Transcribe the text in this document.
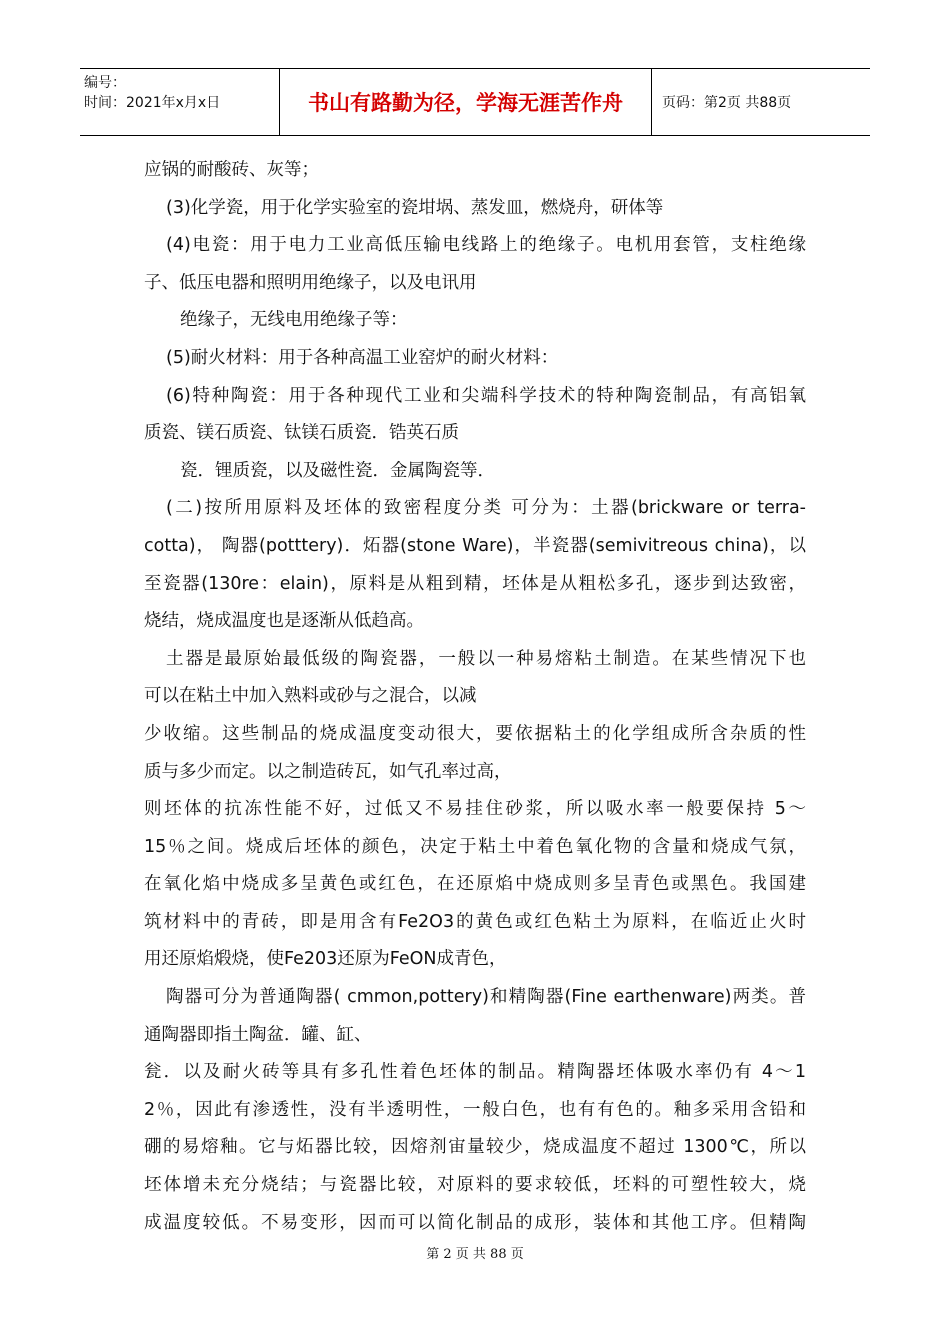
编号：
时间：2021年x月x日	书山有路勤为径，学海无涯苦作舟	页码：第2页 共88页
应锅的耐酸砖、灰等；
(3)化学瓷，用于化学实验室的瓷坩埚、蒸发皿，燃烧舟，研体等
(4)电瓷：用于电力工业高低压输电线路上的绝缘子。电机用套管，支柱绝缘
子、低压电器和照明用绝缘子，以及电讯用
绝缘子，无线电用绝缘子等：
(5)耐火材料：用于各种高温工业窑炉的耐火材料：
(6)特种陶瓷：用于各种现代工业和尖端科学技术的特种陶瓷制品，有高铝氧
质瓷、镁石质瓷、钛镁石质瓷．锆英石质
瓷．锂质瓷，以及磁性瓷．金属陶瓷等．
(二)按所用原料及坯体的致密程度分类 可分为：土器(brickware or terra-
cotta)， 陶器(potttery)．炻器(stone Ware)，半瓷器(semivitreous china)，以
至瓷器(130re：elain)，原料是从粗到精，坯体是从粗松多孔，逐步到达致密，
烧结，烧成温度也是逐渐从低趋高。
土器是最原始最低级的陶瓷器，一般以一种易熔粘土制造。在某些情况下也
可以在粘土中加入熟料或砂与之混合，以减
少收缩。这些制品的烧成温度变动很大，要依据粘土的化学组成所含杂质的性
质与多少而定。以之制造砖瓦，如气孔率过高，
则坯体的抗冻性能不好，过低又不易挂住砂浆，所以吸水率一般要保持 5～
15％之间。烧成后坯体的颜色，决定于粘土中着色氧化物的含量和烧成气氛，
在氧化焰中烧成多呈黄色或红色，在还原焰中烧成则多呈青色或黑色。我国建
筑材料中的青砖，即是用含有Fe2O3的黄色或红色粘土为原料，在临近止火时
用还原焰煅烧，使Fe203还原为FeON成青色，
陶器可分为普通陶器( cmmon,pottery)和精陶器(Fine earthenware)两类。普
通陶器即指土陶盆．罐、缸、
瓮．以及耐火砖等具有多孔性着色坯体的制品。精陶器坯体吸水率仍有 4～1
2％，因此有渗透性，没有半透明性，一般白色，也有有色的。釉多采用含铅和
硼的易熔釉。它与炻器比较，因熔剂宙量较少，烧成温度不超过 1300℃，所以
坯体增未充分烧结；与瓷器比较，对原料的要求较低，坯料的可塑性较大，烧
成温度较低。不易变形，因而可以简化制品的成形，装体和其他工序。但精陶
第 2 页 共 88 页
